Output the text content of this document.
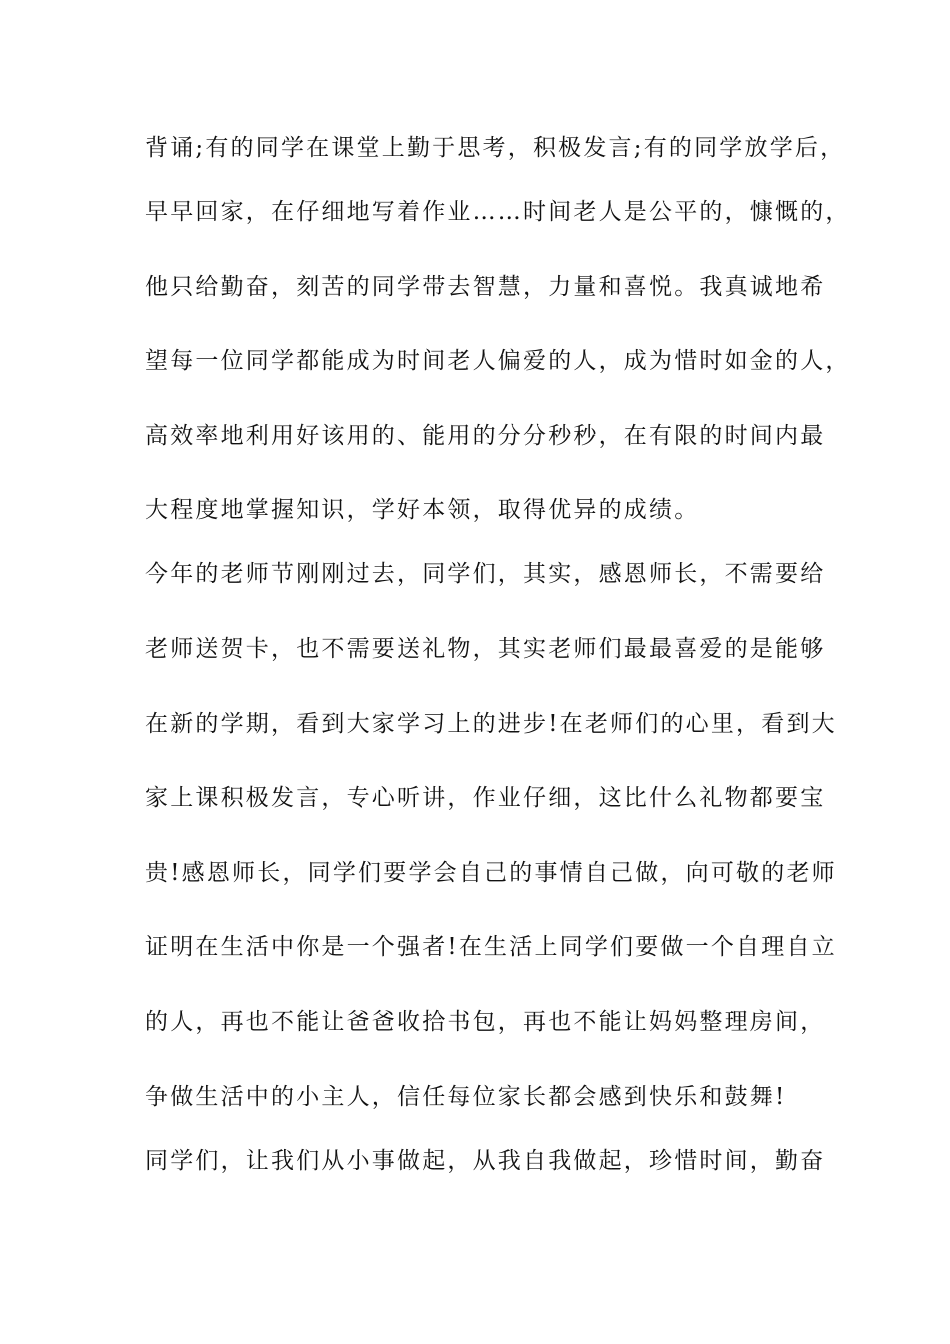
背诵;有的同学在课堂上勤于思考，积极发言;有的同学放学后，
早早回家，在仔细地写着作业……时间老人是公平的，慷慨的，
他只给勤奋，刻苦的同学带去智慧，力量和喜悦。我真诚地希
望每一位同学都能成为时间老人偏爱的人，成为惜时如金的人，
高效率地利用好该用的、能用的分分秒秒，在有限的时间内最
大程度地掌握知识，学好本领，取得优异的成绩。
今年的老师节刚刚过去，同学们，其实，感恩师长，不需要给
老师送贺卡，也不需要送礼物，其实老师们最最喜爱的是能够
在新的学期，看到大家学习上的进步!在老师们的心里，看到大
家上课积极发言，专心听讲，作业仔细，这比什么礼物都要宝
贵!感恩师长，同学们要学会自己的事情自己做，向可敬的老师
证明在生活中你是一个强者!在生活上同学们要做一个自理自立
的人，再也不能让爸爸收拾书包，再也不能让妈妈整理房间，
争做生活中的小主人，信任每位家长都会感到快乐和鼓舞!
同学们，让我们从小事做起，从我自我做起，珍惜时间，勤奋
